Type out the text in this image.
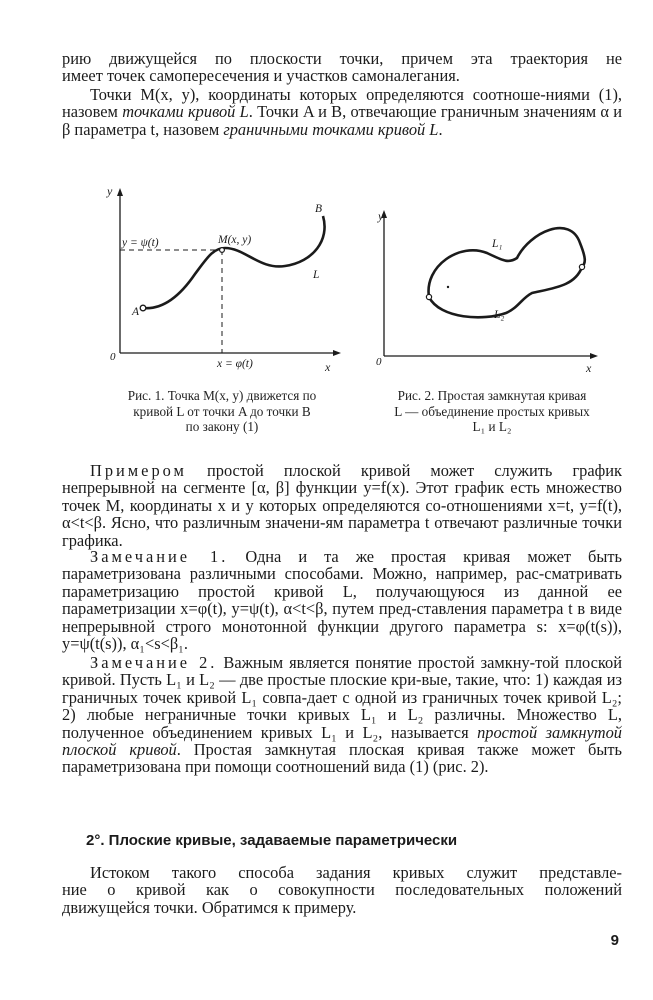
рию движущейся по плоскости точки, причем эта траектория не

имеет точек самопересечения и участков самоналегания.

Точки M(x, y), координаты которых определяются соотноше-ниями (1), назовем точками кривой L. Точки A и B, отвечающие граничным значениям α и β параметра t, назовем граничными точками кривой L.

y
x
0
y = ψ(t)
x = φ(t)
M(x, y)
A
B
L
y
x
0
L₁
L₂
Рис. 1. Точка M(x, y) движется по
кривой L от точки A до точки B
по закону (1)
Рис. 2. Простая замкнутая кривая
L — объединение простых кривых
L₁ и L₂

Примером простой плоской кривой может служить график непрерывной на сегменте [α, β] функции y=f(x). Этот график есть множество точек M, координаты x и y которых определяются со-отношениями x=t, y=f(t), α<t<β. Ясно, что различным значени-ям параметра t отвечают различные точки графика.

Замечание 1. Одна и та же простая кривая может быть параметризована различными способами. Можно, например, рас-сматривать параметризацию простой кривой L, получающуюся из данной ее параметризации x=φ(t), y=ψ(t), α<t<β, путем пред-ставления параметра t в виде непрерывной строго монотонной функции другого параметра s: x=φ(t(s)), y=ψ(t(s)), α₁<s<β₁.

Замечание 2. Важным является понятие простой замкну-той плоской кривой. Пусть L₁ и L₂ — две простые плоские кри-вые, такие, что: 1) каждая из граничных точек кривой L₁ совпа-дает с одной из граничных точек кривой L₂; 2) любые неграничные точки кривых L₁ и L₂ различны. Множество L, полученное объединением кривых L₁ и L₂, называется простой замкнутой плоской кривой. Простая замкнутая плоская кривая также может быть параметризована при помощи соотношений вида (1) (рис. 2).

2°. Плоские кривые, задаваемые параметрически

Истоком такого способа задания кривых служит представле-

ние о кривой как о совокупности последовательных положений

движущейся точки. Обратимся к примеру.

9
